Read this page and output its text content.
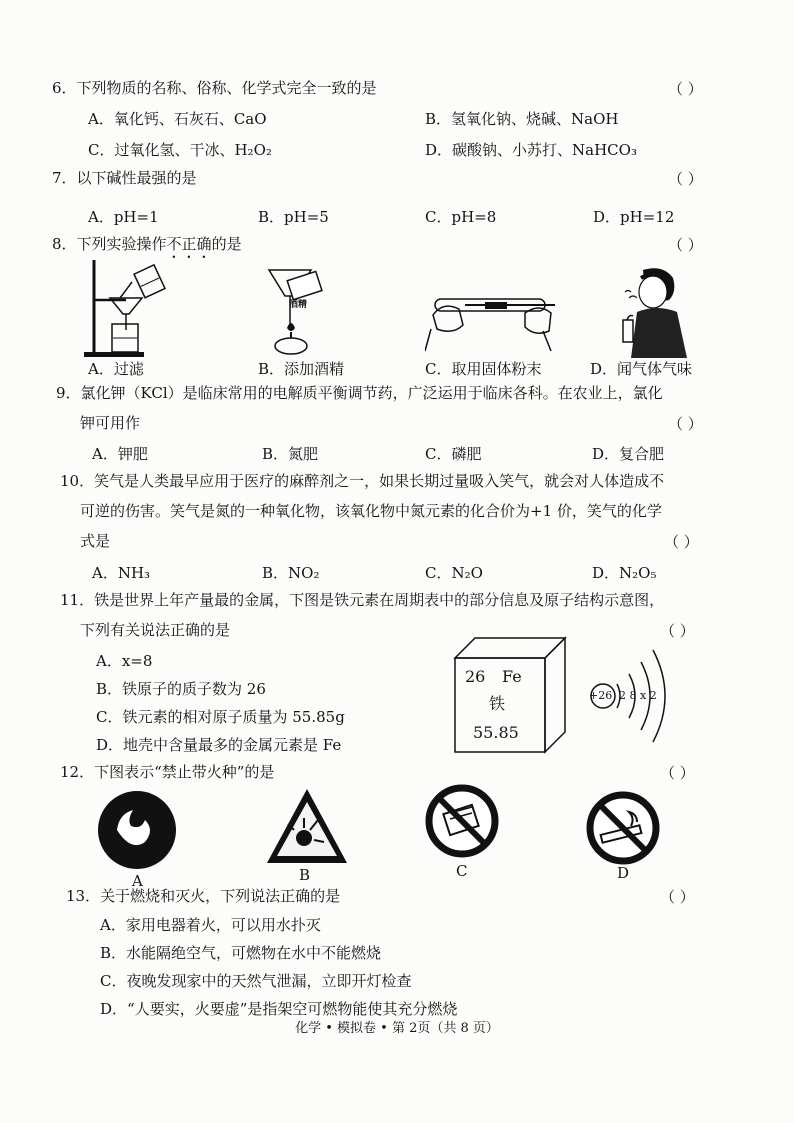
6．下列物质的名称、俗称、化学式完全一致的是	（ ）
A．氧化钙、石灰石、CaO	B．氢氧化钠、烧碱、NaOH
C．过氧化氢、干冰、H₂O₂	D．碳酸钠、小苏打、NaHCO₃
7．以下碱性最强的是	（ ）
A．pH=1	B．pH=5	C．pH=8	D．pH=12
8．下列实验操作不正确的是	（ ）
A．过滤
酒精
B．添加酒精	C．取用固体粉末	D．闻气体气味
9．氯化钾（KCl）是临床常用的电解质平衡调节药，广泛运用于临床各科。在农业上，氯化
钾可用作	（ ）
A．钾肥	B．氮肥	C．磷肥	D．复合肥
10．笑气是人类最早应用于医疗的麻醉剂之一，如果长期过量吸入笑气，就会对人体造成不
可逆的伤害。笑气是氮的一种氧化物，该氧化物中氮元素的化合价为+1 价，笑气的化学
式是	（ ）
A．NH₃	B．NO₂	C．N₂O	D．N₂O₅
11．铁是世界上年产量最的金属，下图是铁元素在周期表中的部分信息及原子结构示意图，
下列有关说法正确的是	（ ）
A．x=8
B．铁原子的质子数为 26
C．铁元素的相对原子质量为 55.85g
D．地壳中含量最多的金属元素是 Fe
26 Fe
铁
55.85
+26 2 8 x 2
12．下图表示“禁止带火种”的是	（ ）
A	B	C	D
13．关于燃烧和灭火，下列说法正确的是	（ ）
A．家用电器着火，可以用水扑灭
B．水能隔绝空气，可燃物在水中不能燃烧
C．夜晚发现家中的天然气泄漏，立即开灯检查
D．“人要实，火要虚”是指架空可燃物能使其充分燃烧
化学 • 模拟卷 • 第 2页（共 8 页）
